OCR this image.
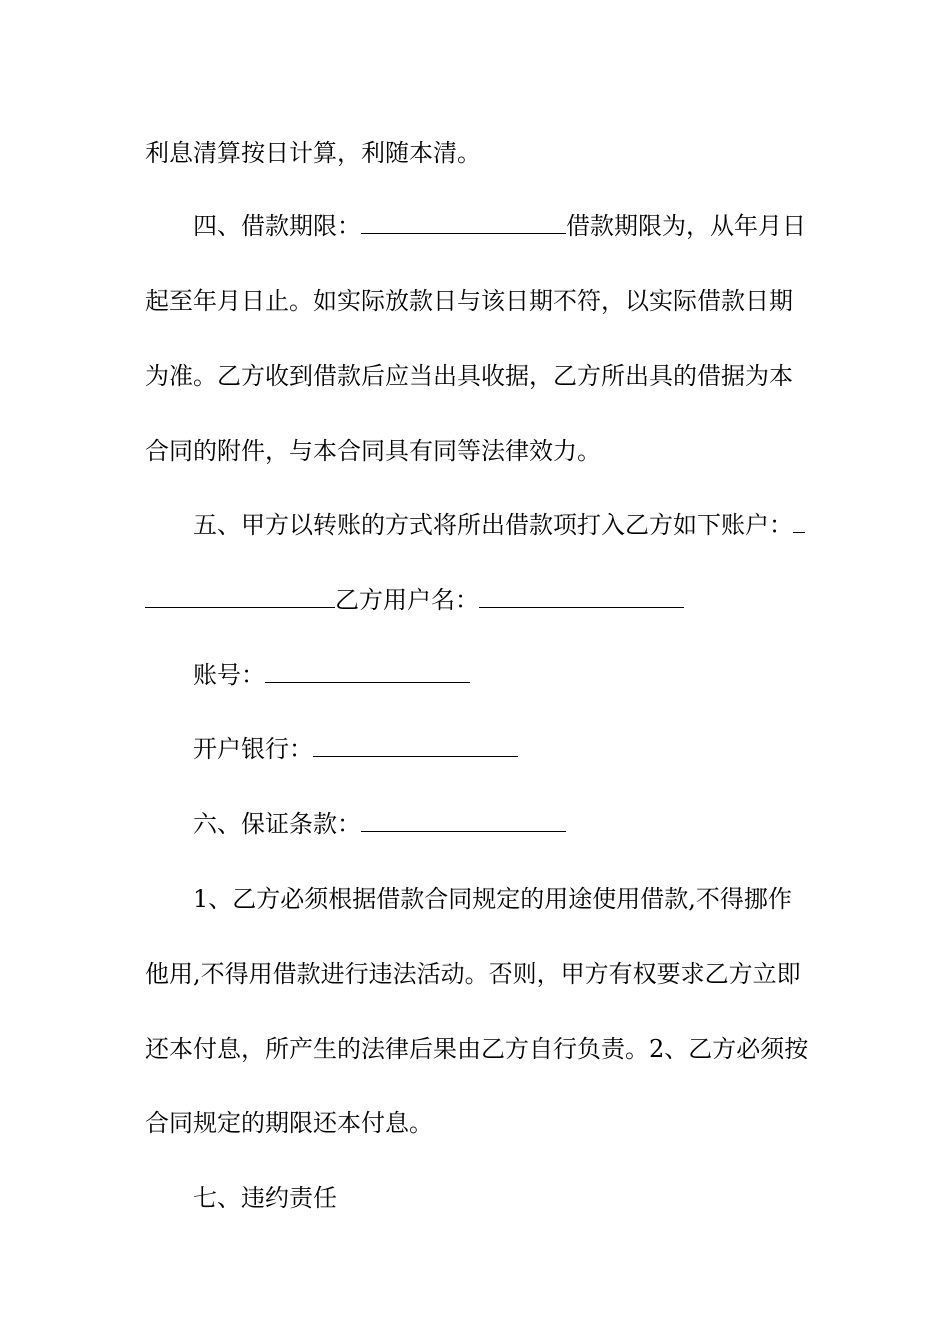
利息清算按日计算，利随本清。
四、借款期限：	借款期限为，从年月日
起至年月日止。如实际放款日与该日期不符，以实际借款日期
为准。乙方收到借款后应当出具收据，乙方所出具的借据为本
合同的附件，与本合同具有同等法律效力。
五、甲方以转账的方式将所出借款项打入乙方如下账户：
乙方用户名：
账号：
开户银行：
六、保证条款：
1、乙方必须根据借款合同规定的用途使用借款,不得挪作
他用,不得用借款进行违法活动。否则，甲方有权要求乙方立即
还本付息，所产生的法律后果由乙方自行负责。2、乙方必须按
合同规定的期限还本付息。
七、违约责任
